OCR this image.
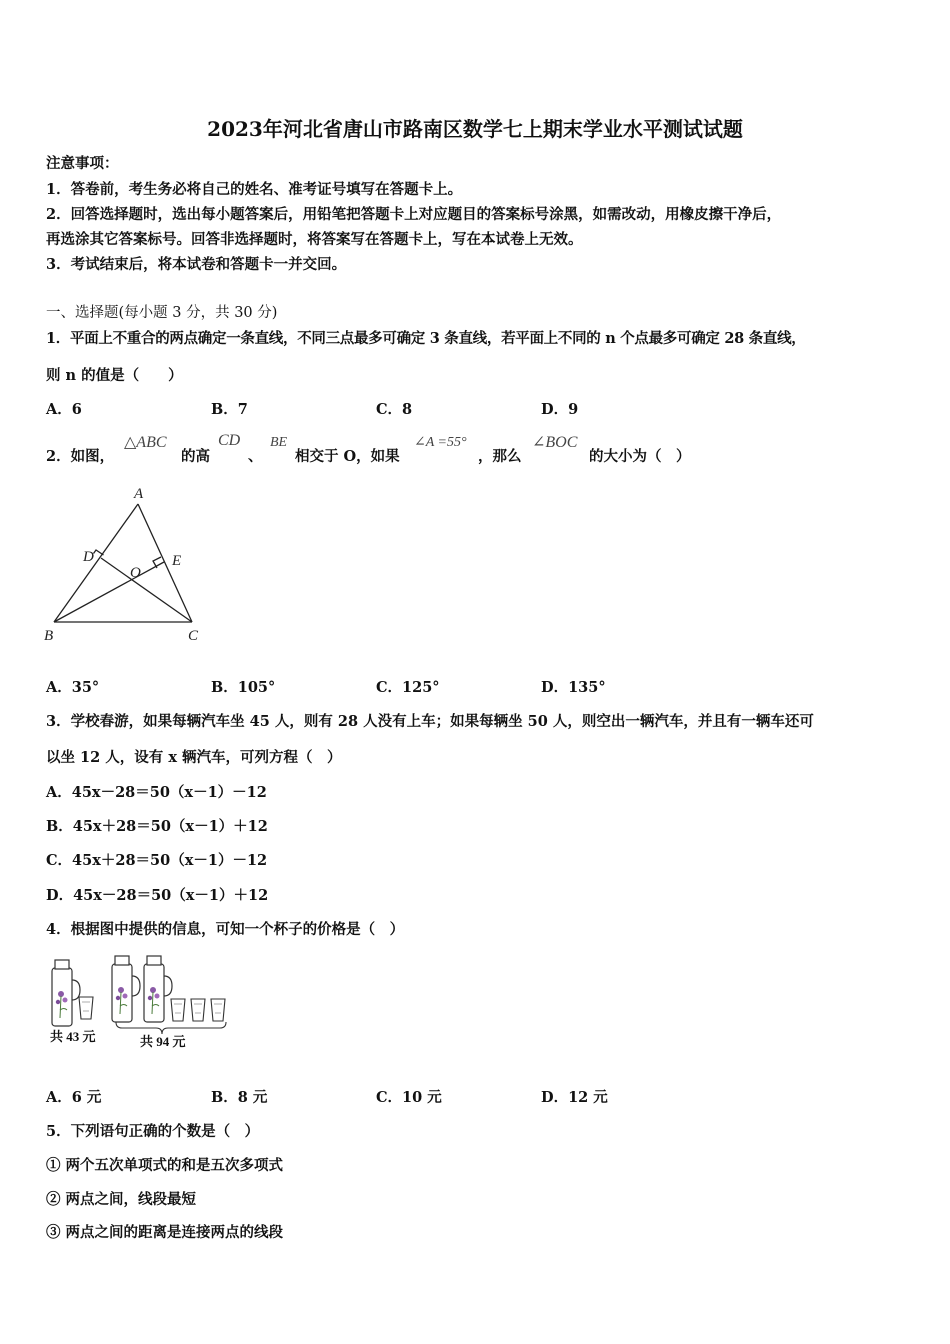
2023年河北省唐山市路南区数学七上期末学业水平测试试题
注意事项：
1．答卷前，考生务必将自己的姓名、准考证号填写在答题卡上。
2．回答选择题时，选出每小题答案后，用铅笔把答题卡上对应题目的答案标号涂黑，如需改动，用橡皮擦干净后，
再选涂其它答案标号。回答非选择题时，将答案写在答题卡上，写在本试卷上无效。
3．考试结束后，将本试卷和答题卡一并交回。
一、选择题(每小题 3 分，共 30 分)
1．平面上不重合的两点确定一条直线，不同三点最多可确定 3 条直线，若平面上不同的 n 个点最多可确定 28 条直线，
则 n 的值是（　　）
A．6	B．7	C．8	D．9
2．如图，
△ABC
的高
CD
、
BE
相交于 O，如果
∠A =55°
，那么
∠BOC
的大小为（　）
A
B	C
D	E
O
A．35°	B．105°	C．125°	D．135°
3．学校春游，如果每辆汽车坐 45 人，则有 28 人没有上车；如果每辆坐 50 人，则空出一辆汽车，并且有一辆车还可
以坐 12 人，设有 x 辆汽车，可列方程（　）
A．45x－28＝50（x－1）－12
B．45x＋28＝50（x－1）＋12
C．45x＋28＝50（x－1）－12
D．45x－28＝50（x－1）＋12
4．根据图中提供的信息，可知一个杯子的价格是（　）
共 43 元	共 94 元
A．6 元	B．8 元	C．10 元	D．12 元
5．下列语句正确的个数是（　）
① 两个五次单项式的和是五次多项式
② 两点之间，线段最短
③ 两点之间的距离是连接两点的线段
